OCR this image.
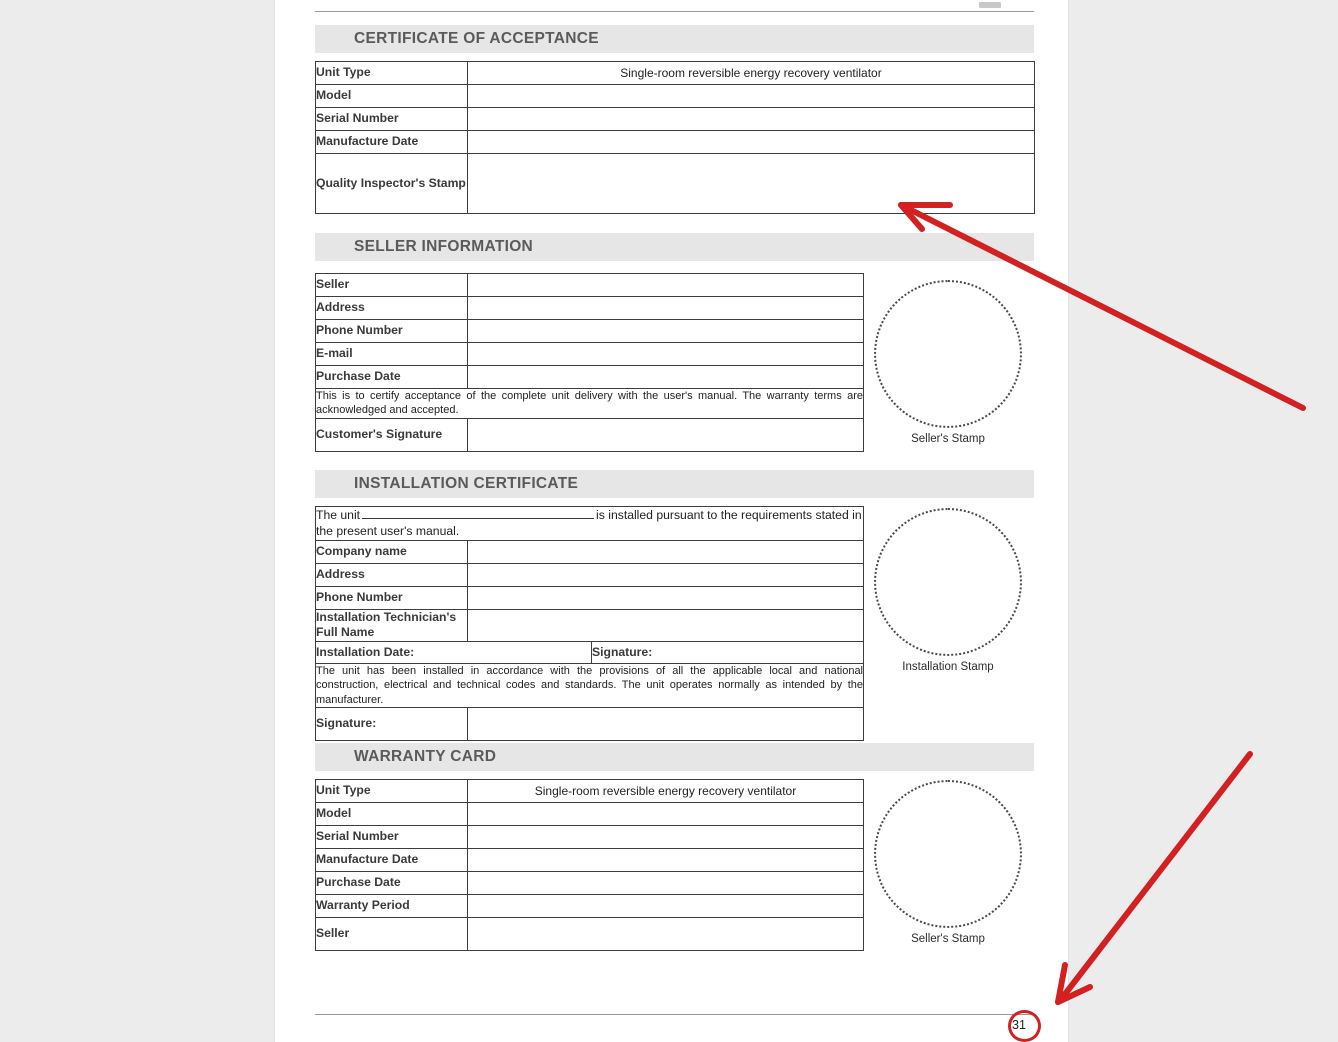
CERTIFICATE OF ACCEPTANCE
Unit Type	Single-room reversible energy recovery ventilator
Model	
Serial Number	
Manufacture Date	
Quality Inspector's Stamp	
SELLER INFORMATION
Seller	
Address	
Phone Number	
E-mail	
Purchase Date	
This is to certify acceptance of the complete unit delivery with the user's manual. The warranty terms are acknowledged and accepted.	
Customer's Signature		Seller's Stamp
INSTALLATION CERTIFICATE
The unit is installed pursuant to the requirements stated in the present user's manual.		
Company name		
Address		
Phone Number		
Installation Technician's Full Name		
Installation Date:		Signature:
The unit has been installed in accordance with the provisions of all the applicable local and national construction, electrical and technical codes and standards. The unit operates normally as intended by the manufacturer.		
Signature:		
Installation Stamp
WARRANTY CARD
Unit Type	Single-room reversible energy recovery ventilator
Model	
Serial Number	
Manufacture Date	
Purchase Date	
Warranty Period	
Seller		Seller's Stamp
31
